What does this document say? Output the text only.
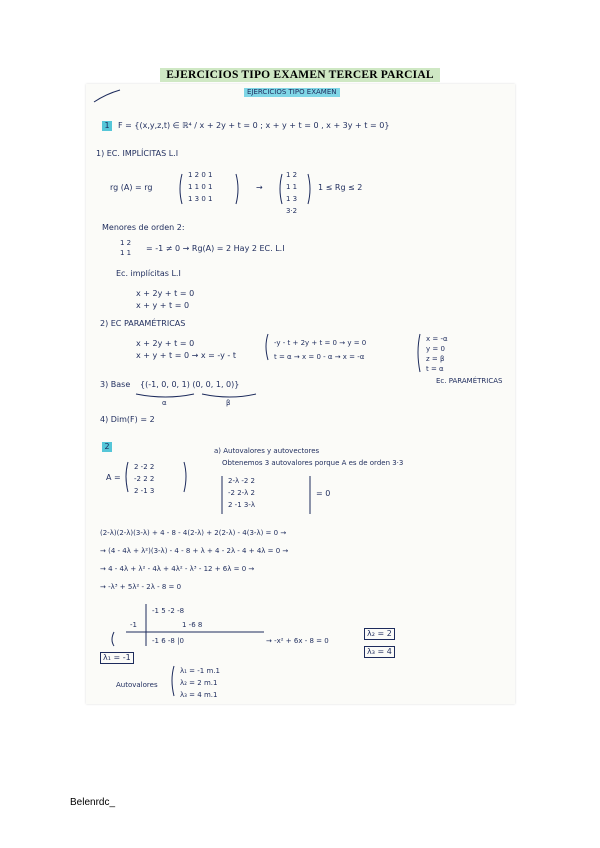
EJERCICIOS TIPO EXAMEN TERCER PARCIAL
EJERCICIOS TIPO EXAMEN
1	F = {(x,y,z,t) ∈ ℝ⁴ / x + 2y + t = 0 ; x + y + t = 0 , x + 3y + t = 0}
1) EC. IMPLÍCITAS L.I
rg (A) = rg
1 2 0 1
1 1 0 1
1 3 0 1
→
1 2
1 1
1 3
3·2
1 ≤ Rg ≤ 2
Menores de orden 2:
1 2
1 1 = -1 ≠ 0 → Rg(A) = 2 Hay 2 EC. L.I
Ec. implícitas L.I
x + 2y + t = 0
x + y + t = 0
2) EC PARAMÉTRICAS
x + 2y + t = 0
x + y + t = 0 → x = -y - t
-y - t + 2y + t = 0 → y = 0
t = α → x = 0 - α → x = -α
x = -α
y = 0
z = β
t = α
Ec. PARAMÉTRICAS
3) Base {(-1, 0, 0, 1) (0, 0, 1, 0)}
α	β
4) Dim(F) = 2
2	a) Autovalores y autovectores
Obtenemos 3 autovalores porque A es de orden 3·3
A =
2 -2 2
-2 2 2
2 -1 3
2-λ -2 2
-2 2-λ 2
2 -1 3-λ
= 0
(2-λ)(2-λ)(3-λ) + 4 - 8 - 4(2-λ) + 2(2-λ) - 4(3-λ) = 0 →
→ (4 - 4λ + λ²)(3-λ) - 4 - 8 + λ + 4 - 2λ - 4 + 4λ = 0 →
→ 4 - 4λ + λ² - 4λ + 4λ² - λ³ - 12 + 6λ = 0 →
→ -λ³ + 5λ² - 2λ - 8 = 0
-1 5 -2 -8
-1	1 -6 8
-1 6 -8 |0	→ -x² + 6x - 8 = 0
λ₁ = -1
λ₂ = 2
λ₃ = 4
Autovalores
λ₁ = -1 m.1
λ₂ = 2 m.1
λ₃ = 4 m.1
Belenrdc_
